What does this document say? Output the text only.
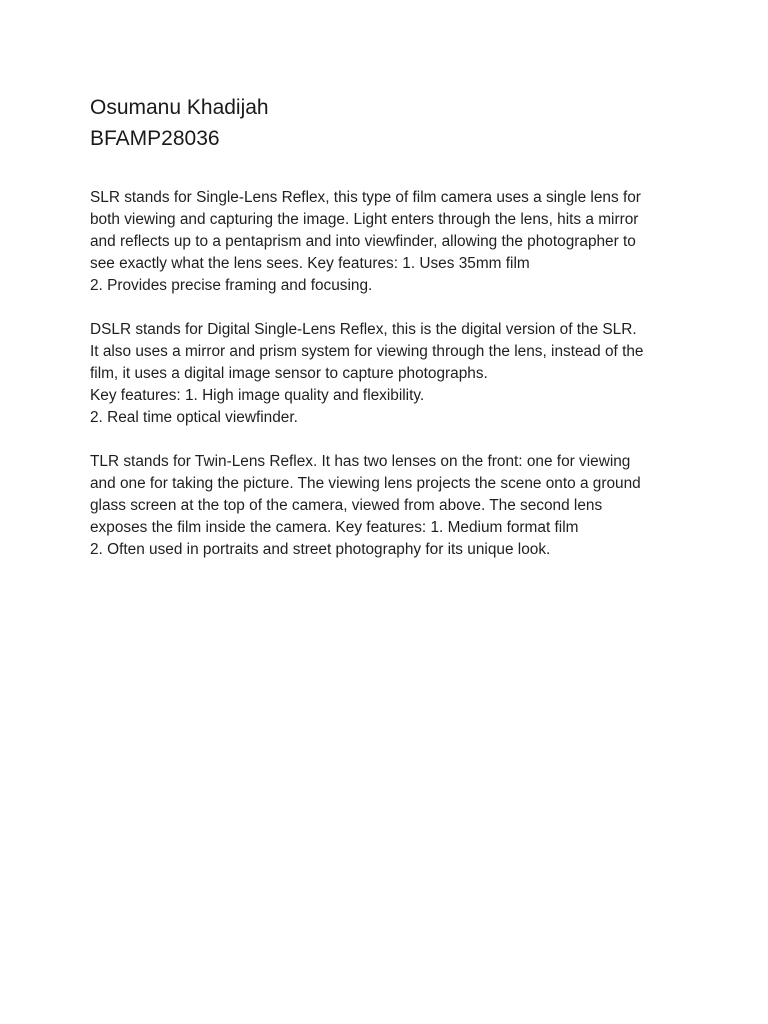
Osumanu Khadijah
BFAMP28036
SLR stands for Single-Lens Reflex, this type of film camera uses a single lens for
both viewing and capturing the image. Light enters through the lens, hits a mirror
and reflects up to a pentaprism and into viewfinder, allowing the photographer to
see exactly what the lens sees. Key features: 1. Uses 35mm film
2. Provides precise framing and focusing.
DSLR stands for Digital Single-Lens Reflex, this is the digital version of the SLR.
It also uses a mirror and prism system for viewing through the lens, instead of the
film, it uses a digital image sensor to capture photographs.
Key features: 1. High image quality and flexibility.
2. Real time optical viewfinder.
TLR stands for Twin-Lens Reflex. It has two lenses on the front: one for viewing
and one for taking the picture. The viewing lens projects the scene onto a ground
glass screen at the top of the camera, viewed from above. The second lens
exposes the film inside the camera. Key features: 1. Medium format film
2. Often used in portraits and street photography for its unique look.
